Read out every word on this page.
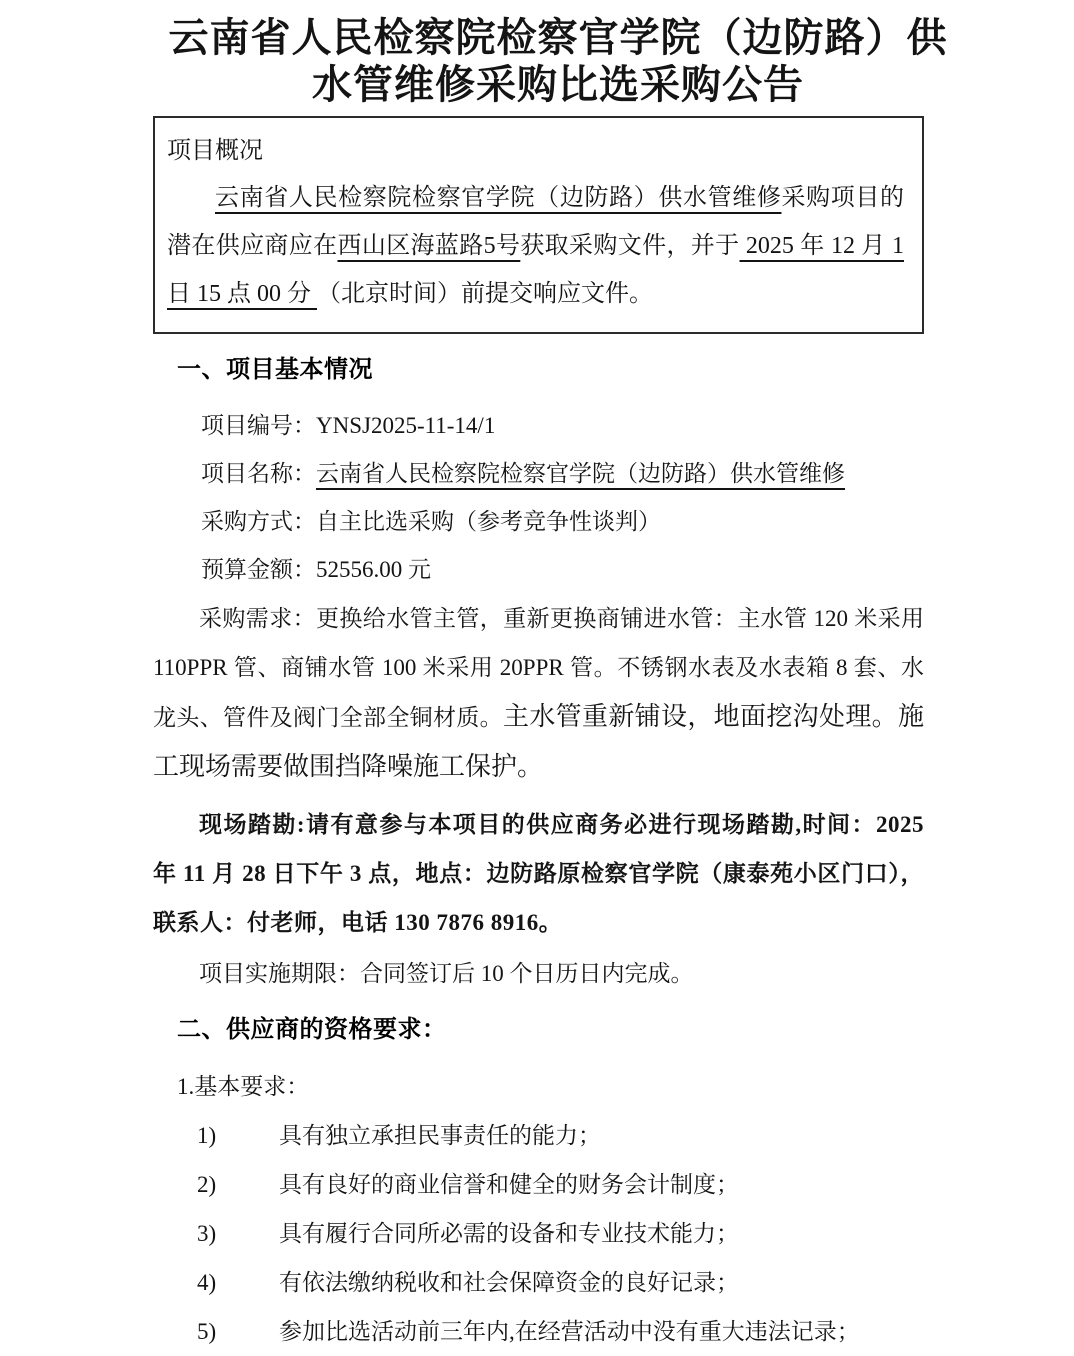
云南省人民检察院检察官学院（边防路）供水管维修采购比选采购公告

项目概况

云南省人民检察院检察官学院（边防路）供水管维修采购项目的潜在供应商应在西山区海蓝路5号获取采购文件，并于 2025 年 12 月 1 日 15 点 00 分 （北京时间）前提交响应文件。

一、项目基本情况

项目编号：YNSJ2025-11-14/1

项目名称：云南省人民检察院检察官学院（边防路）供水管维修

采购方式：自主比选采购（参考竞争性谈判）

预算金额：52556.00 元

采购需求：更换给水管主管，重新更换商铺进水管：主水管 120 米采用 110PPR 管、商铺水管 100 米采用 20PPR 管。不锈钢水表及水表箱 8 套、水龙头、管件及阀门全部全铜材质。主水管重新铺设，地面挖沟处理。施工现场需要做围挡降噪施工保护。

现场踏勘:请有意参与本项目的供应商务必进行现场踏勘,时间：2025 年 11 月 28 日下午 3 点，地点：边防路原检察官学院（康泰苑小区门口），联系人：付老师，电话 130 7876 8916。

项目实施期限：合同签订后 10 个日历日内完成。

二、供应商的资格要求：

1.基本要求：

1)	具有独立承担民事责任的能力；

2)	具有良好的商业信誉和健全的财务会计制度；

3)	具有履行合同所必需的设备和专业技术能力；

4)	有依法缴纳税收和社会保障资金的良好记录；

5)	参加比选活动前三年内,在经营活动中没有重大违法记录；
